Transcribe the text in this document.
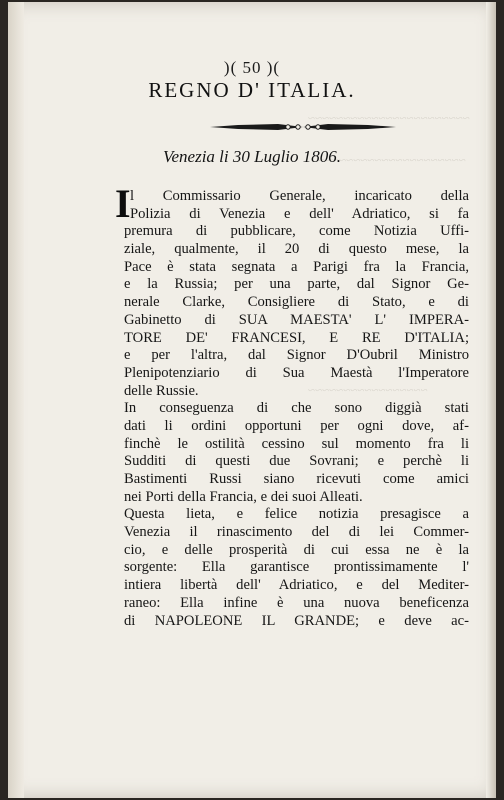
~~~~~~~~~~~~~~~~~~~~~~~
~~~~~~~~~~~~~~~~~~~~~
~~~~~~~~~~~~~~~~~
)( 50 )(
REGNO D' ITALIA.
Venezia li 30 Luglio 1806.
I l Commissario Generale, incaricato della
Polizia di Venezia e dell' Adriatico, si fa
premura di pubblicare, come Notizia Uffi-
ziale, qualmente, il 20 di questo mese, la
Pace è stata segnata a Parigi fra la Francia,
e la Russia; per una parte, dal Signor Ge-
nerale Clarke, Consigliere di Stato, e di
Gabinetto di SUA MAESTA' L' IMPERA-
TORE DE' FRANCESI, E RE D'ITALIA;
e per l'altra, dal Signor D'Oubril Ministro
Plenipotenziario di Sua Maestà l'Imperatore
delle Russie.
In conseguenza di che sono diggià stati
dati li ordini opportuni per ogni dove, af-
finchè le ostilità cessino sul momento fra li
Sudditi di questi due Sovrani; e perchè li
Bastimenti Russi siano ricevuti come amici
nei Porti della Francia, e dei suoi Alleati.
Questa lieta, e felice notizia presagisce a
Venezia il rinascimento del di lei Commer-
cio, e delle prosperità di cui essa ne è la
sorgente: Ella garantisce prontissimamente l'
intiera libertà dell' Adriatico, e del Mediter-
raneo: Ella infine è una nuova beneficenza
di NAPOLEONE IL GRANDE; e deve ac-
